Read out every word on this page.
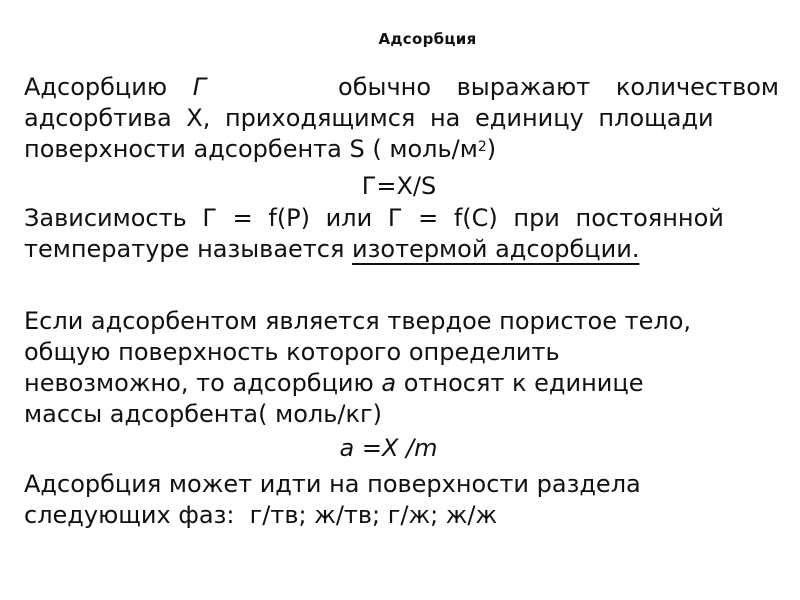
Адсорбция
Адсорбцию Г	обычно выражают количеством
адсорбтива Х, приходящимся на единицу площади
поверхности адсорбента S ( моль/$м^2$)
Г=Х/S
Зависимость Г = f(P) или Г = f(C) при постоянной
температуре называется изотермой адсорбции.
Если адсорбентом является твердое пористое тело,
общую поверхность которого определить
невозможно, то адсорбцию а относят к единице
массы адсорбента( моль/кг)
а =Х /m
Адсорбция может идти на поверхности раздела
следующих фаз:  г/тв; ж/тв; г/ж; ж/ж
